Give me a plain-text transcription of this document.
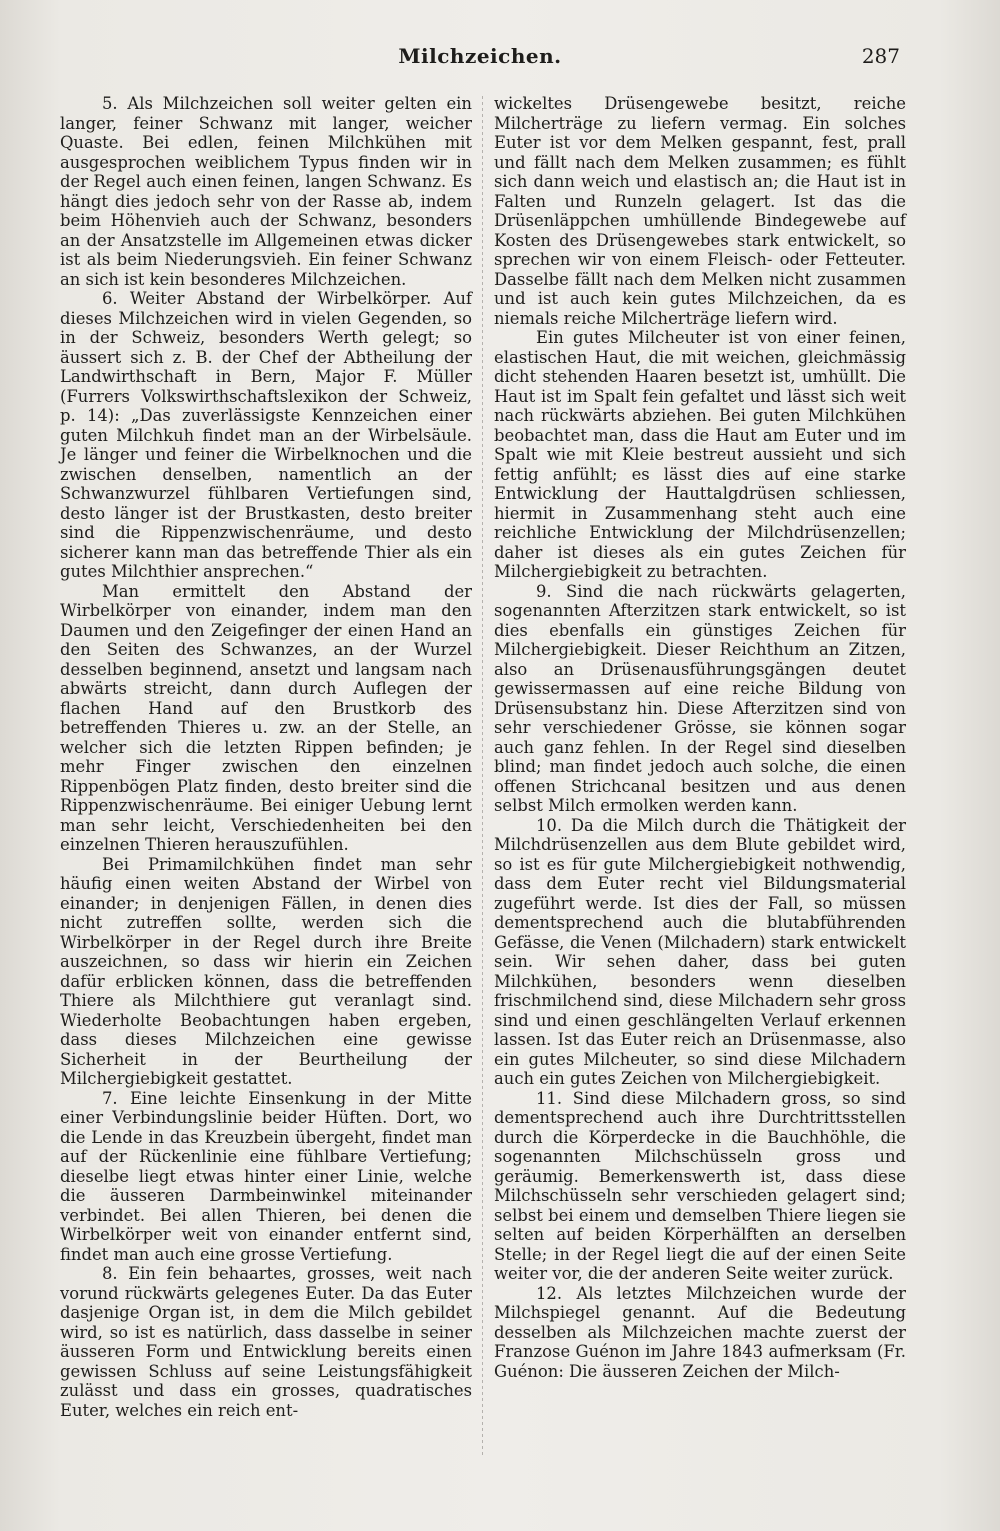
Milchzeichen.	287

5. Als Milchzeichen soll weiter gelten ein langer, feiner Schwanz mit langer, weicher Quaste. Bei edlen, feinen Milchkühen mit ausgesprochen weiblichem Typus finden wir in der Regel auch einen feinen, langen Schwanz. Es hängt dies jedoch sehr von der Rasse ab, indem beim Höhenvieh auch der Schwanz, besonders an der Ansatzstelle im Allgemeinen etwas dicker ist als beim Niederungsvieh. Ein feiner Schwanz an sich ist kein besonderes Milchzeichen.

6. Weiter Abstand der Wirbelkörper. Auf dieses Milchzeichen wird in vielen Gegenden, so in der Schweiz, besonders Werth gelegt; so äussert sich z. B. der Chef der Abtheilung der Landwirthschaft in Bern, Major F. Müller (Furrers Volkswirthschaftslexikon der Schweiz, p. 14): „Das zuverlässigste Kennzeichen einer guten Milchkuh findet man an der Wirbelsäule. Je länger und feiner die Wirbelknochen und die zwischen denselben, namentlich an der Schwanzwurzel fühlbaren Vertiefungen sind, desto länger ist der Brustkasten, desto breiter sind die Rippenzwischenräume, und desto sicherer kann man das betreffende Thier als ein gutes Milchthier ansprechen.“

Man ermittelt den Abstand der Wirbelkörper von einander, indem man den Daumen und den Zeigefinger der einen Hand an den Seiten des Schwanzes, an der Wurzel desselben beginnend, ansetzt und langsam nach abwärts streicht, dann durch Auflegen der flachen Hand auf den Brustkorb des betreffenden Thieres u. zw. an der Stelle, an welcher sich die letzten Rippen befinden; je mehr Finger zwischen den einzelnen Rippenbögen Platz finden, desto breiter sind die Rippenzwischenräume. Bei einiger Uebung lernt man sehr leicht, Verschiedenheiten bei den einzelnen Thieren herauszufühlen.

Bei Primamilchkühen findet man sehr häufig einen weiten Abstand der Wirbel von einander; in denjenigen Fällen, in denen dies nicht zutreffen sollte, werden sich die Wirbelkörper in der Regel durch ihre Breite auszeichnen, so dass wir hierin ein Zeichen dafür erblicken können, dass die betreffenden Thiere als Milchthiere gut veranlagt sind. Wiederholte Beobachtungen haben ergeben, dass dieses Milchzeichen eine gewisse Sicherheit in der Beurtheilung der Milchergiebigkeit gestattet.

7. Eine leichte Einsenkung in der Mitte einer Verbindungslinie beider Hüften. Dort, wo die Lende in das Kreuzbein übergeht, findet man auf der Rückenlinie eine fühlbare Vertiefung; dieselbe liegt etwas hinter einer Linie, welche die äusseren Darmbeinwinkel miteinander verbindet. Bei allen Thieren, bei denen die Wirbelkörper weit von einander entfernt sind, findet man auch eine grosse Vertiefung.

8. Ein fein behaartes, grosses, weit nach vorund rückwärts gelegenes Euter. Da das Euter dasjenige Organ ist, in dem die Milch gebildet wird, so ist es natürlich, dass dasselbe in seiner äusseren Form und Entwicklung bereits einen gewissen Schluss auf seine Leistungsfähigkeit zulässt und dass ein grosses, quadratisches Euter, welches ein reich ent-

wickeltes Drüsengewebe besitzt, reiche Milcherträge zu liefern vermag. Ein solches Euter ist vor dem Melken gespannt, fest, prall und fällt nach dem Melken zusammen; es fühlt sich dann weich und elastisch an; die Haut ist in Falten und Runzeln gelagert. Ist das die Drüsenläppchen umhüllende Bindegewebe auf Kosten des Drüsengewebes stark entwickelt, so sprechen wir von einem Fleisch- oder Fetteuter. Dasselbe fällt nach dem Melken nicht zusammen und ist auch kein gutes Milchzeichen, da es niemals reiche Milcherträge liefern wird.

Ein gutes Milcheuter ist von einer feinen, elastischen Haut, die mit weichen, gleichmässig dicht stehenden Haaren besetzt ist, umhüllt. Die Haut ist im Spalt fein gefaltet und lässt sich weit nach rückwärts abziehen. Bei guten Milchkühen beobachtet man, dass die Haut am Euter und im Spalt wie mit Kleie bestreut aussieht und sich fettig anfühlt; es lässt dies auf eine starke Entwicklung der Hauttalgdrüsen schliessen, hiermit in Zusammenhang steht auch eine reichliche Entwicklung der Milchdrüsenzellen; daher ist dieses als ein gutes Zeichen für Milchergiebigkeit zu betrachten.

9. Sind die nach rückwärts gelagerten, sogenannten Afterzitzen stark entwickelt, so ist dies ebenfalls ein günstiges Zeichen für Milchergiebigkeit. Dieser Reichthum an Zitzen, also an Drüsenausführungsgängen deutet gewissermassen auf eine reiche Bildung von Drüsensubstanz hin. Diese Afterzitzen sind von sehr verschiedener Grösse, sie können sogar auch ganz fehlen. In der Regel sind dieselben blind; man findet jedoch auch solche, die einen offenen Strichcanal besitzen und aus denen selbst Milch ermolken werden kann.

10. Da die Milch durch die Thätigkeit der Milchdrüsenzellen aus dem Blute gebildet wird, so ist es für gute Milchergiebigkeit nothwendig, dass dem Euter recht viel Bildungsmaterial zugeführt werde. Ist dies der Fall, so müssen dementsprechend auch die blutabführenden Gefässe, die Venen (Milchadern) stark entwickelt sein. Wir sehen daher, dass bei guten Milchkühen, besonders wenn dieselben frischmilchend sind, diese Milchadern sehr gross sind und einen geschlängelten Verlauf erkennen lassen. Ist das Euter reich an Drüsenmasse, also ein gutes Milcheuter, so sind diese Milchadern auch ein gutes Zeichen von Milchergiebigkeit.

11. Sind diese Milchadern gross, so sind dementsprechend auch ihre Durchtrittsstellen durch die Körperdecke in die Bauchhöhle, die sogenannten Milchschüsseln gross und geräumig. Bemerkenswerth ist, dass diese Milchschüsseln sehr verschieden gelagert sind; selbst bei einem und demselben Thiere liegen sie selten auf beiden Körperhälften an derselben Stelle; in der Regel liegt die auf der einen Seite weiter vor, die der anderen Seite weiter zurück.

12. Als letztes Milchzeichen wurde der Milchspiegel genannt. Auf die Bedeutung desselben als Milchzeichen machte zuerst der Franzose Guénon im Jahre 1843 aufmerksam (Fr. Guénon: Die äusseren Zeichen der Milch-
